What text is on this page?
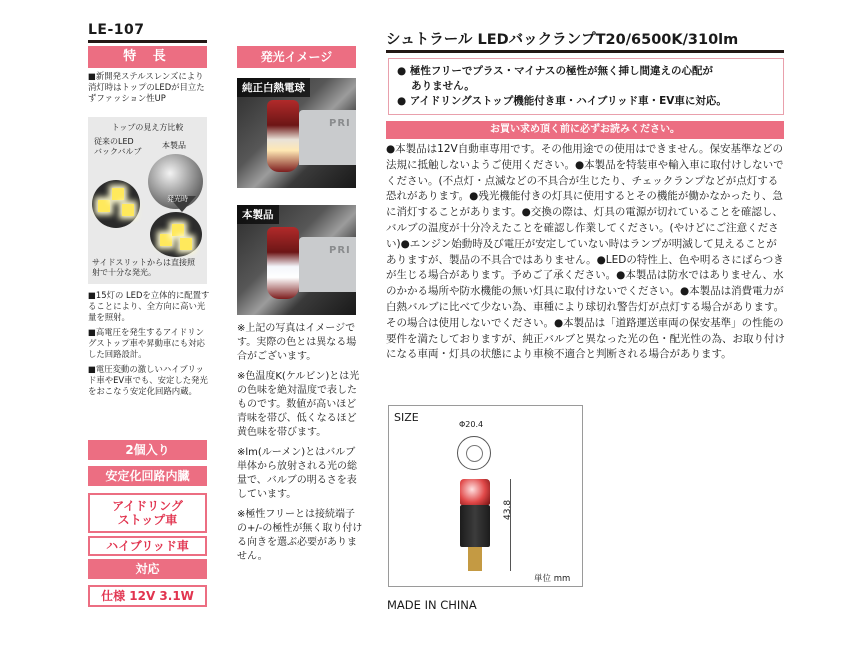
LE-107
特 長
■新開発ステルスレンズにより消灯時はトップのLEDが目立たずファッション性UP
トップの見え方比較
従来のLED
バックバルブ
本製品
発光時
サイドスリットからは直接照射で十分な発光。

■15灯の LEDを立体的に配置することにより、全方向に高い光量を照射。

■高電圧を発生するアイドリングストップ車や昇動車にも対応した回路設計。

■電圧変動の激しいハイブリッド車やEV車でも、安定した発光をおこなう安定化回路内蔵。

2個入り
安定化回路内臓
アイドリング
ストップ車
ハイブリッド車
対応
仕様 12V 3.1W
発光イメージ
PRI
純正白熱電球
PRI
本製品

※上記の写真はイメージです。実際の色とは異なる場合がございます。

※色温度K(ケルビン)とは光の色味を絶対温度で表したものです。数値が高いほど青味を帯び、低くなるほど黄色味を帯びます。

※lm(ルーメン)とはバルブ単体から放射される光の総量で、バルブの明るさを表しています。

※極性フリーとは接続端子の+/-の極性が無く取り付ける向きを選ぶ必要がありません。

シュトラール LEDバックランプT20/6500K/310lm
● 極性フリーでプラス・マイナスの極性が無く挿し間違えの心配が
　 ありません。
● アイドリングストップ機能付き車・ハイブリッド車・EV車に対応。
お買い求め頂く前に必ずお読みください。
●本製品は12V自動車専用です。その他用途での使用はできません。保安基準などの法規に抵触しないようご使用ください。●本製品を特装車や輸入車に取付けしないでください。(不点灯・点滅などの不具合が生じたり、チェックランプなどが点灯する恐れがあります。●残光機能付きの灯具に使用するとその機能が働かなかったり、急に消灯することがあります。●交換の際は、灯具の電源が切れていることを確認し、バルブの温度が十分冷えたことを確認し作業してください。(やけどにご注意ください)●エンジン始動時及び電圧が安定していない時はランプが明滅して見えることがありますが、製品の不具合ではありません。●LEDの特性上、色や明るさにばらつきが生じる場合があります。予めご了承ください。●本製品は防水ではありません、水のかかる場所や防水機能の無い灯具に取付けないでください。●本製品は消費電力が白熱バルブに比べて少ない為、車種により球切れ警告灯が点灯する場合があります。その場合は使用しないでください。●本製品は「道路運送車両の保安基準」の性能の要件を満たしておりますが、純正バルブと異なった光の色・配光性の為、お取り付けになる車両・灯具の状態により車検不適合と判断される場合があります。
SIZE
Φ20.4
43.8
単位 mm
MADE IN CHINA
